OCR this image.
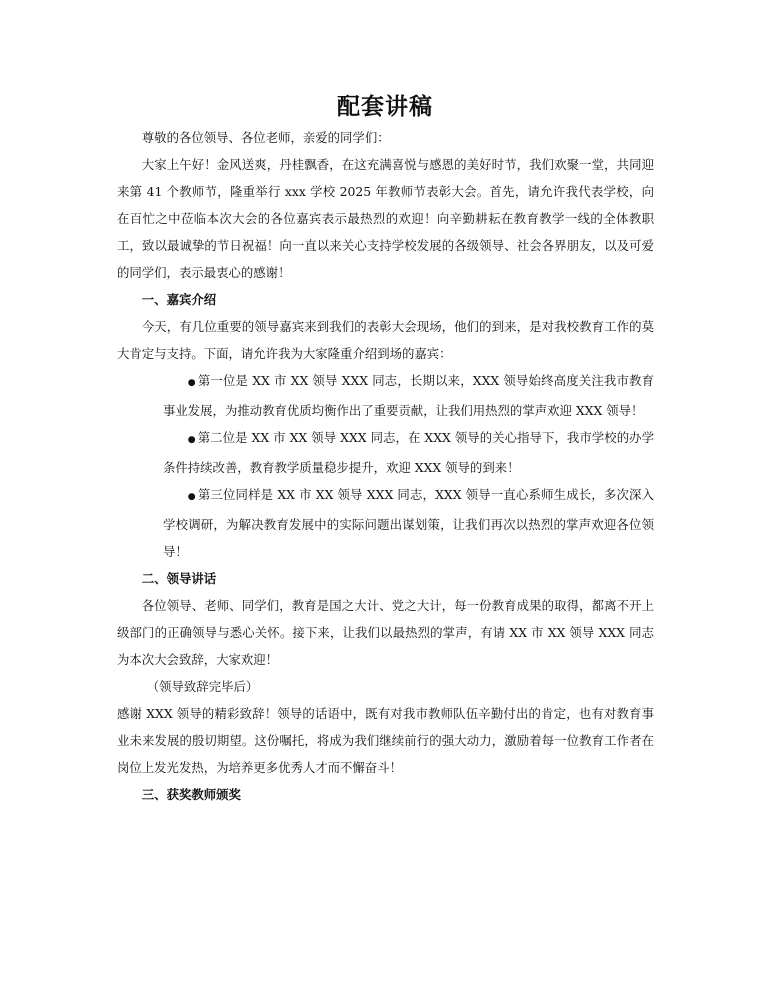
配套讲稿

尊敬的各位领导、各位老师，亲爱的同学们：

大家上午好！金风送爽，丹桂飘香，在这充满喜悦与感恩的美好时节，我们欢聚一堂，共同迎来第 41 个教师节，隆重举行 xxx 学校 2025 年教师节表彰大会。首先，请允许我代表学校，向在百忙之中莅临本次大会的各位嘉宾表示最热烈的欢迎！向辛勤耕耘在教育教学一线的全体教职工，致以最诚挚的节日祝福！向一直以来关心支持学校发展的各级领导、社会各界朋友，以及可爱的同学们，表示最衷心的感谢！

一、嘉宾介绍

今天，有几位重要的领导嘉宾来到我们的表彰大会现场，他们的到来，是对我校教育工作的莫大肯定与支持。下面，请允许我为大家隆重介绍到场的嘉宾：

● 第一位是 XX 市 XX 领导 XXX 同志，长期以来，XXX 领导始终高度关注我市教育事业发展，为推动教育优质均衡作出了重要贡献，让我们用热烈的掌声欢迎 XXX 领导！

● 第二位是 XX 市 XX 领导 XXX 同志，在 XXX 领导的关心指导下，我市学校的办学条件持续改善，教育教学质量稳步提升，欢迎 XXX 领导的到来！

● 第三位同样是 XX 市 XX 领导 XXX 同志，XXX 领导一直心系师生成长，多次深入学校调研，为解决教育发展中的实际问题出谋划策，让我们再次以热烈的掌声欢迎各位领导！

二、领导讲话

各位领导、老师、同学们，教育是国之大计、党之大计，每一份教育成果的取得，都离不开上级部门的正确领导与悉心关怀。接下来，让我们以最热烈的掌声，有请 XX 市 XX 领导 XXX 同志为本次大会致辞，大家欢迎！

（领导致辞完毕后）

感谢 XXX 领导的精彩致辞！领导的话语中，既有对我市教师队伍辛勤付出的肯定，也有对教育事业未来发展的殷切期望。这份嘱托，将成为我们继续前行的强大动力，激励着每一位教育工作者在岗位上发光发热，为培养更多优秀人才而不懈奋斗！

三、获奖教师颁奖
